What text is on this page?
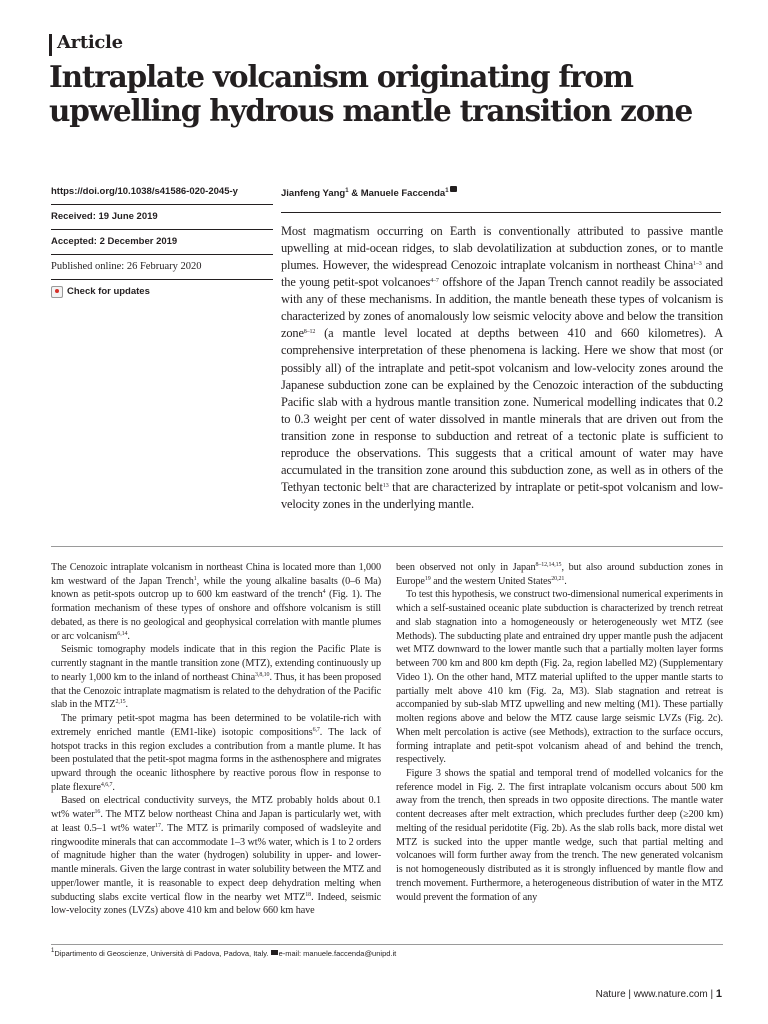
Article
Intraplate volcanism originating from upwelling hydrous mantle transition zone
https://doi.org/10.1038/s41586-020-2045-y
Received: 19 June 2019
Accepted: 2 December 2019
Published online: 26 February 2020
Check for updates
Jianfeng Yang$^1$ & Manuele Faccenda$^1$

Most magmatism occurring on Earth is conventionally attributed to passive mantle upwelling at mid-ocean ridges, to slab devolatilization at subduction zones, or to mantle plumes. However, the widespread Cenozoic intraplate volcanism in northeast China$^{1-3}$ and the young petit-spot volcanoes$^{4-7}$ offshore of the Japan Trench cannot readily be associated with any of these mechanisms. In addition, the mantle beneath these types of volcanism is characterized by zones of anomalously low seismic velocity above and below the transition zone$^{8-12}$ (a mantle level located at depths between 410 and 660 kilometres). A comprehensive interpretation of these phenomena is lacking. Here we show that most (or possibly all) of the intraplate and petit-spot volcanism and low-velocity zones around the Japanese subduction zone can be explained by the Cenozoic interaction of the subducting Pacific slab with a hydrous mantle transition zone. Numerical modelling indicates that 0.2 to 0.3 weight per cent of water dissolved in mantle minerals that are driven out from the transition zone in response to subduction and retreat of a tectonic plate is sufficient to reproduce the observations. This suggests that a critical amount of water may have accumulated in the transition zone around this subduction zone, as well as in others of the Tethyan tectonic belt$^{13}$ that are characterized by intraplate or petit-spot volcanism and low-velocity zones in the underlying mantle.

The Cenozoic intraplate volcanism in northeast China is located more than 1,000 km westward of the Japan Trench$^1$, while the young alkaline basalts (0–6 Ma) known as petit-spots outcrop up to 600 km eastward of the trench$^4$ (Fig. 1). The formation mechanism of these types of onshore and offshore volcanism is still debated, as there is no geological and geophysical correlation with mantle plumes or arc volcanism$^{6,14}$.

Seismic tomography models indicate that in this region the Pacific Plate is currently stagnant in the mantle transition zone (MTZ), extending continuously up to nearly 1,000 km to the inland of northeast China$^{3,8,10}$. Thus, it has been proposed that the Cenozoic intraplate magmatism is related to the dehydration of the Pacific slab in the MTZ$^{2,15}$.

The primary petit-spot magma has been determined to be volatile-rich with extremely enriched mantle (EM1-like) isotopic compositions$^{6,7}$. The lack of hotspot tracks in this region excludes a contribution from a mantle plume. It has been postulated that the petit-spot magma forms in the asthenosphere and migrates upward through the oceanic lithosphere by reactive porous flow in response to plate flexure$^{4,6,7}$.

Based on electrical conductivity surveys, the MTZ probably holds about 0.1 wt% water$^{16}$. The MTZ below northeast China and Japan is particularly wet, with at least 0.5–1 wt% water$^{17}$. The MTZ is primarily composed of wadsleyite and ringwoodite minerals that can accommodate 1–3 wt% water, which is 1 to 2 orders of magnitude higher than the water (hydrogen) solubility in upper- and lower-mantle minerals. Given the large contrast in water solubility between the MTZ and upper/lower mantle, it is reasonable to expect deep dehydration melting when subducting slabs excite vertical flow in the nearby wet MTZ$^{18}$. Indeed, seismic low-velocity zones (LVZs) above 410 km and below 660 km have

been observed not only in Japan$^{8-12,14,15}$, but also around subduction zones in Europe$^{19}$ and the western United States$^{20,21}$.

To test this hypothesis, we construct two-dimensional numerical experiments in which a self-sustained oceanic plate subduction is characterized by trench retreat and slab stagnation into a homogeneously or heterogeneously wet MTZ (see Methods). The subducting plate and entrained dry upper mantle push the adjacent wet MTZ downward to the lower mantle such that a partially molten layer forms between 700 km and 800 km depth (Fig. 2a, region labelled M2) (Supplementary Video 1). On the other hand, MTZ material uplifted to the upper mantle starts to partially melt above 410 km (Fig. 2a, M3). Slab stagnation and retreat is accompanied by sub-slab MTZ upwelling and new melting (M1). These partially molten regions above and below the MTZ cause large seismic LVZs (Fig. 2c). When melt percolation is active (see Methods), extraction to the surface occurs, forming intraplate and petit-spot volcanism ahead of and behind the trench, respectively.

Figure 3 shows the spatial and temporal trend of modelled volcanics for the reference model in Fig. 2. The first intraplate volcanism occurs about 500 km away from the trench, then spreads in two opposite directions. The mantle water content decreases after melt extraction, which precludes further deep (≥200 km) melting of the residual peridotite (Fig. 2b). As the slab rolls back, more distal wet MTZ is sucked into the upper mantle wedge, such that partial melting and volcanoes will form further away from the trench. The new generated volcanism is not homogeneously distributed as it is strongly influenced by mantle flow and trench movement. Furthermore, a heterogeneous distribution of water in the MTZ would prevent the formation of any

$^1$Dipartimento di Geoscienze, Università di Padova, Padova, Italy. e-mail: manuele.faccenda@unipd.it
Nature | www.nature.com | 1
